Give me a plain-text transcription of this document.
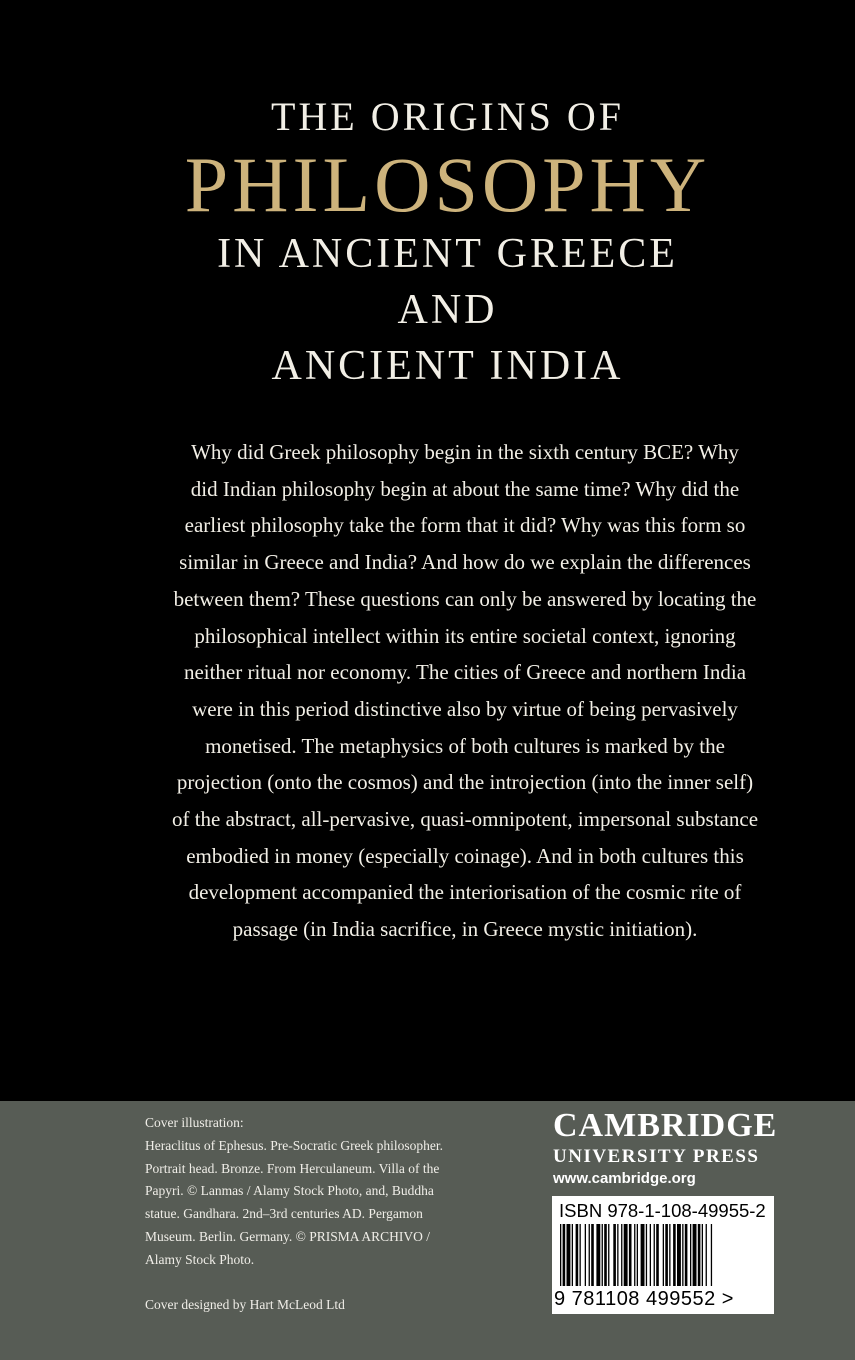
THE ORIGINS OF
PHILOSOPHY
IN ANCIENT GREECE
AND
ANCIENT INDIA
Why did Greek philosophy begin in the sixth century BCE? Why
did Indian philosophy begin at about the same time? Why did the
earliest philosophy take the form that it did? Why was this form so
similar in Greece and India? And how do we explain the differences
between them? These questions can only be answered by locating the
philosophical intellect within its entire societal context, ignoring
neither ritual nor economy. The cities of Greece and northern India
were in this period distinctive also by virtue of being pervasively
monetised. The metaphysics of both cultures is marked by the
projection (onto the cosmos) and the introjection (into the inner self)
of the abstract, all-pervasive, quasi-omnipotent, impersonal substance
embodied in money (especially coinage). And in both cultures this
development accompanied the interiorisation of the cosmic rite of
passage (in India sacrifice, in Greece mystic initiation).
Cover illustration:
Heraclitus of Ephesus. Pre-Socratic Greek philosopher.
Portrait head. Bronze. From Herculaneum. Villa of the
Papyri. © Lanmas / Alamy Stock Photo, and, Buddha
statue. Gandhara. 2nd–3rd centuries AD. Pergamon
Museum. Berlin. Germany. © PRISMA ARCHIVO /
Alamy Stock Photo.
Cover designed by Hart McLeod Ltd
CAMBRIDGE
UNIVERSITY PRESS
www.cambridge.org
ISBN 978-1-108-49955-2
9 781108 499552 >
